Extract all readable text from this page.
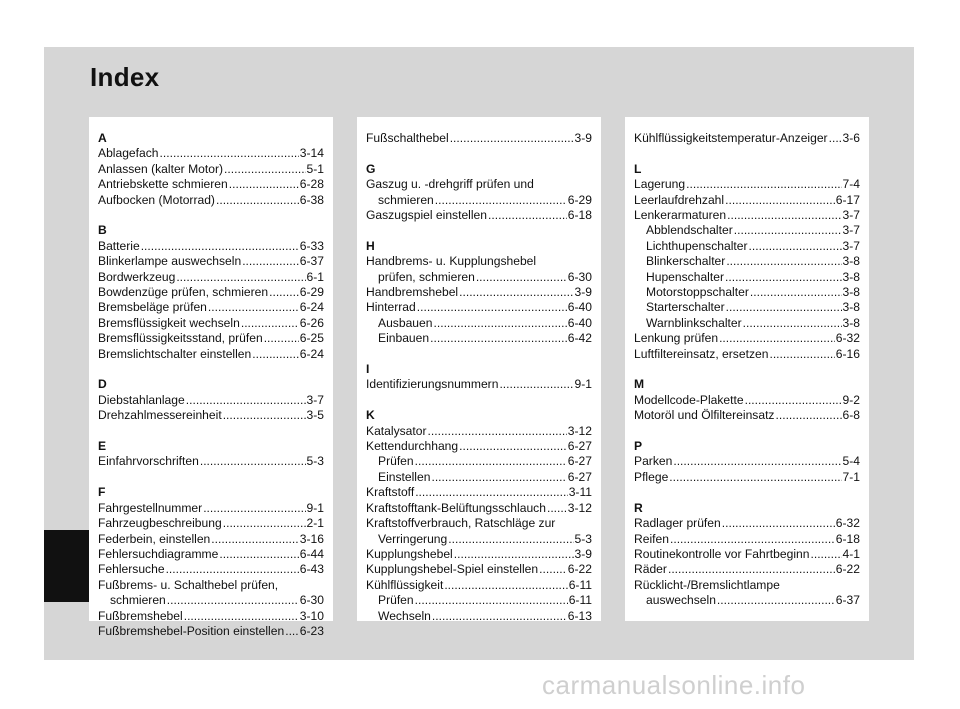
Index
A
Ablagefach .....	3-14
Anlassen (kalter Motor) .....	5-1
Antriebskette schmieren .....	6-28
Aufbocken (Motorrad) .....	6-38
B
Batterie .....	6-33
Blinkerlampe auswechseln .....	6-37
Bordwerkzeug .....	6-1
Bowdenzüge prüfen, schmieren .....	6-29
Bremsbeläge prüfen .....	6-24
Bremsflüssigkeit wechseln .....	6-26
Bremsflüssigkeitsstand, prüfen .....	6-25
Bremslichtschalter einstellen .....	6-24
D
Diebstahlanlage .....	3-7
Drehzahlmessereinheit .....	3-5
E
Einfahrvorschriften .....	5-3
F
Fahrgestellnummer .....	9-1
Fahrzeugbeschreibung .....	2-1
Federbein, einstellen .....	3-16
Fehlersuchdiagramme .....	6-44
Fehlersuche .....	6-43
Fußbrems- u. Schalthebel prüfen,
schmieren .....	6-30
Fußbremshebel .....	3-10
Fußbremshebel-Position einstellen ..... 6-23
Fußschalthebel .....	3-9
G
Gaszug u. -drehgriff prüfen und
schmieren .....	6-29
Gaszugspiel einstellen .....	6-18
H
Handbrems- u. Kupplungshebel
prüfen, schmieren .....	6-30
Handbremshebel .....	3-9
Hinterrad .....	6-40
Ausbauen .....	6-40
Einbauen .....	6-42
I
Identifizierungsnummern .....	9-1
K
Katalysator .....	3-12
Kettendurchhang .....	6-27
Prüfen .....	6-27
Einstellen .....	6-27
Kraftstoff .....	3-11
Kraftstofftank-Belüftungsschlauch ..... 3-12
Kraftstoffverbrauch, Ratschläge zur
Verringerung .....	5-3
Kupplungshebel .....	3-9
Kupplungshebel-Spiel einstellen ..... 6-22
Kühlflüssigkeit .....	6-11
Prüfen .....	6-11
Wechseln .....	6-13
Kühlflüssigkeitstemperatur-Anzeiger ..... 3-6
L
Lagerung .....	7-4
Leerlaufdrehzahl .....	6-17
Lenkerarmaturen .....	3-7
Abblendschalter .....	3-7
Lichthupenschalter .....	3-7
Blinkerschalter .....	3-8
Hupenschalter .....	3-8
Motorstoppschalter .....	3-8
Starterschalter .....	3-8
Warnblinkschalter .....	3-8
Lenkung prüfen .....	6-32
Luftfiltereinsatz, ersetzen .....	6-16
M
Modellcode-Plakette .....	9-2
Motoröl und Ölfiltereinsatz .....	6-8
P
Parken .....	5-4
Pflege .....	7-1
R
Radlager prüfen .....	6-32
Reifen .....	6-18
Routinekontrolle vor Fahrtbeginn .....	4-1
Räder .....	6-22
Rücklicht-/Bremslichtlampe
auswechseln .....	6-37
carmanualsonline.info
